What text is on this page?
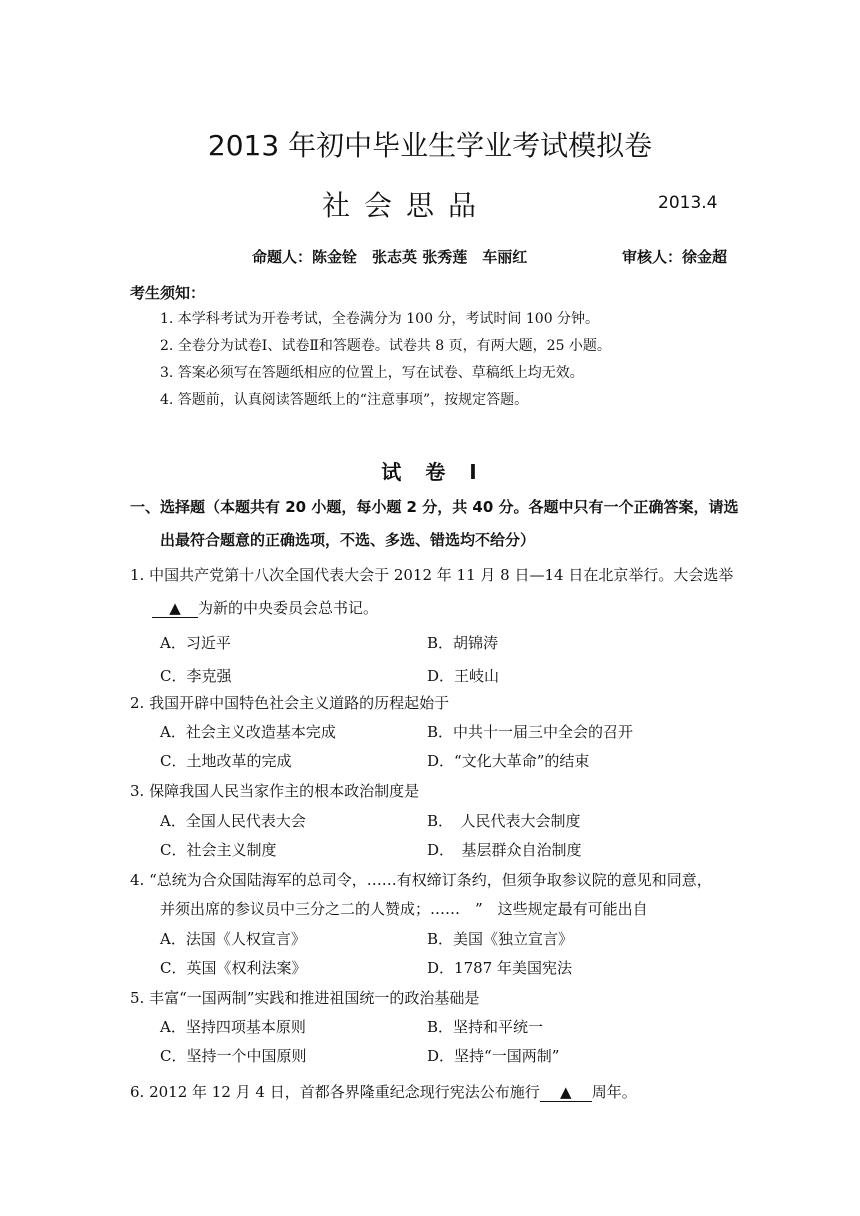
2013 年初中毕业生学业考试模拟卷
社会思品	2013.4
命题人：陈金铨　张志英 张秀莲　车丽红	审核人：徐金超
考生须知：
1. 本学科考试为开卷考试，全卷满分为 100 分，考试时间 100 分钟。
2. 全卷分为试卷Ⅰ、试卷Ⅱ和答题卷。试卷共 8 页，有两大题，25 小题。
3. 答案必须写在答题纸相应的位置上，写在试卷、草稿纸上均无效。
4. 答题前，认真阅读答题纸上的“注意事项”，按规定答题。
试　卷　Ⅰ
一、选择题（本题共有 20 小题，每小题 2 分，共 40 分。各题中只有一个正确答案，请选
出最符合题意的正确选项，不选、多选、错选均不给分）
1. 中国共产党第十八次全国代表大会于 2012 年 11 月 8 日—14 日在北京举行。大会选举
▲ 为新的中央委员会总书记。
A．习近平	B．胡锦涛
C．李克强	D．王岐山
2. 我国开辟中国特色社会主义道路的历程起始于
A．社会主义改造基本完成	B．中共十一届三中全会的召开
C．土地改革的完成	D．“文化大革命”的结束
3. 保障我国人民当家作主的根本政治制度是
A．全国人民代表大会	B．　人民代表大会制度
C．社会主义制度	D．　基层群众自治制度
4. “总统为合众国陆海军的总司令，……有权缔订条约，但须争取参议院的意见和同意，
并须出席的参议员中三分之二的人赞成；……　”　这些规定最有可能出自
A．法国《人权宣言》	B．美国《独立宣言》
C．英国《权利法案》	D．1787 年美国宪法
5. 丰富“一国两制”实践和推进祖国统一的政治基础是
A．坚持四项基本原则	B．坚持和平统一
C．坚持一个中国原则	D．坚持“一国两制”
6. 2012 年 12 月 4 日，首都各界隆重纪念现行宪法公布施行 ▲ 周年。
